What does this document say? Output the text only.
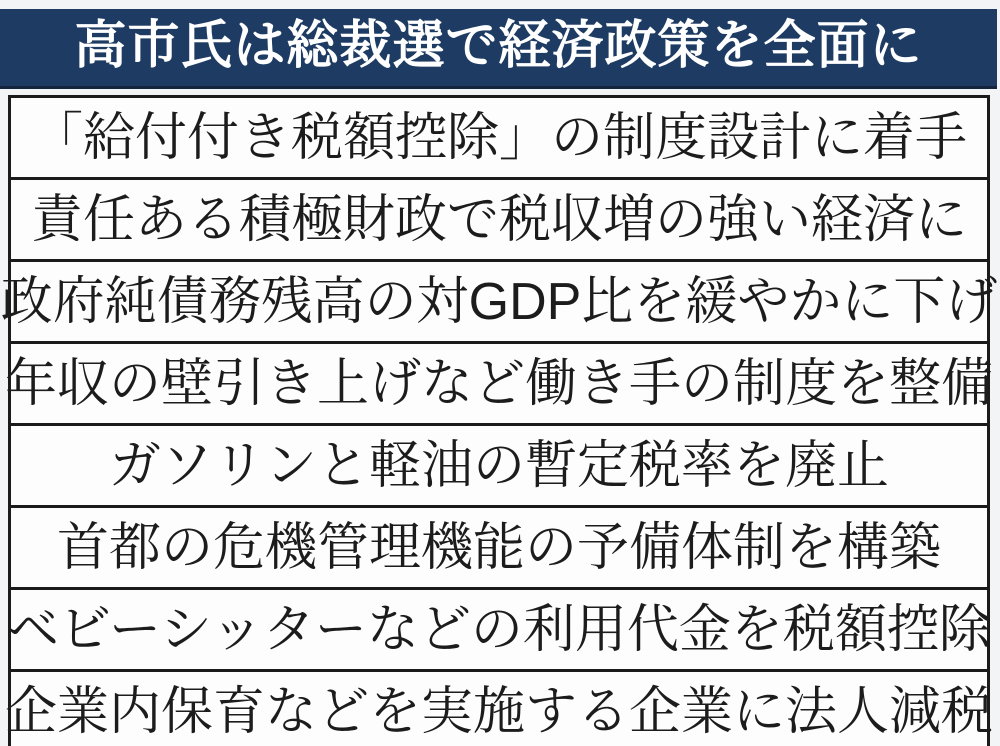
高市氏は総裁選で経済政策を全面に
「給付付き税額控除」の制度設計に着手
責任ある積極財政で税収増の強い経済に
政府純債務残高の対GDP比を緩やかに下げ
年収の壁引き上げなど働き手の制度を整備
ガソリンと軽油の暫定税率を廃止
首都の危機管理機能の予備体制を構築
ベビーシッターなどの利用代金を税額控除
企業内保育などを実施する企業に法人減税
